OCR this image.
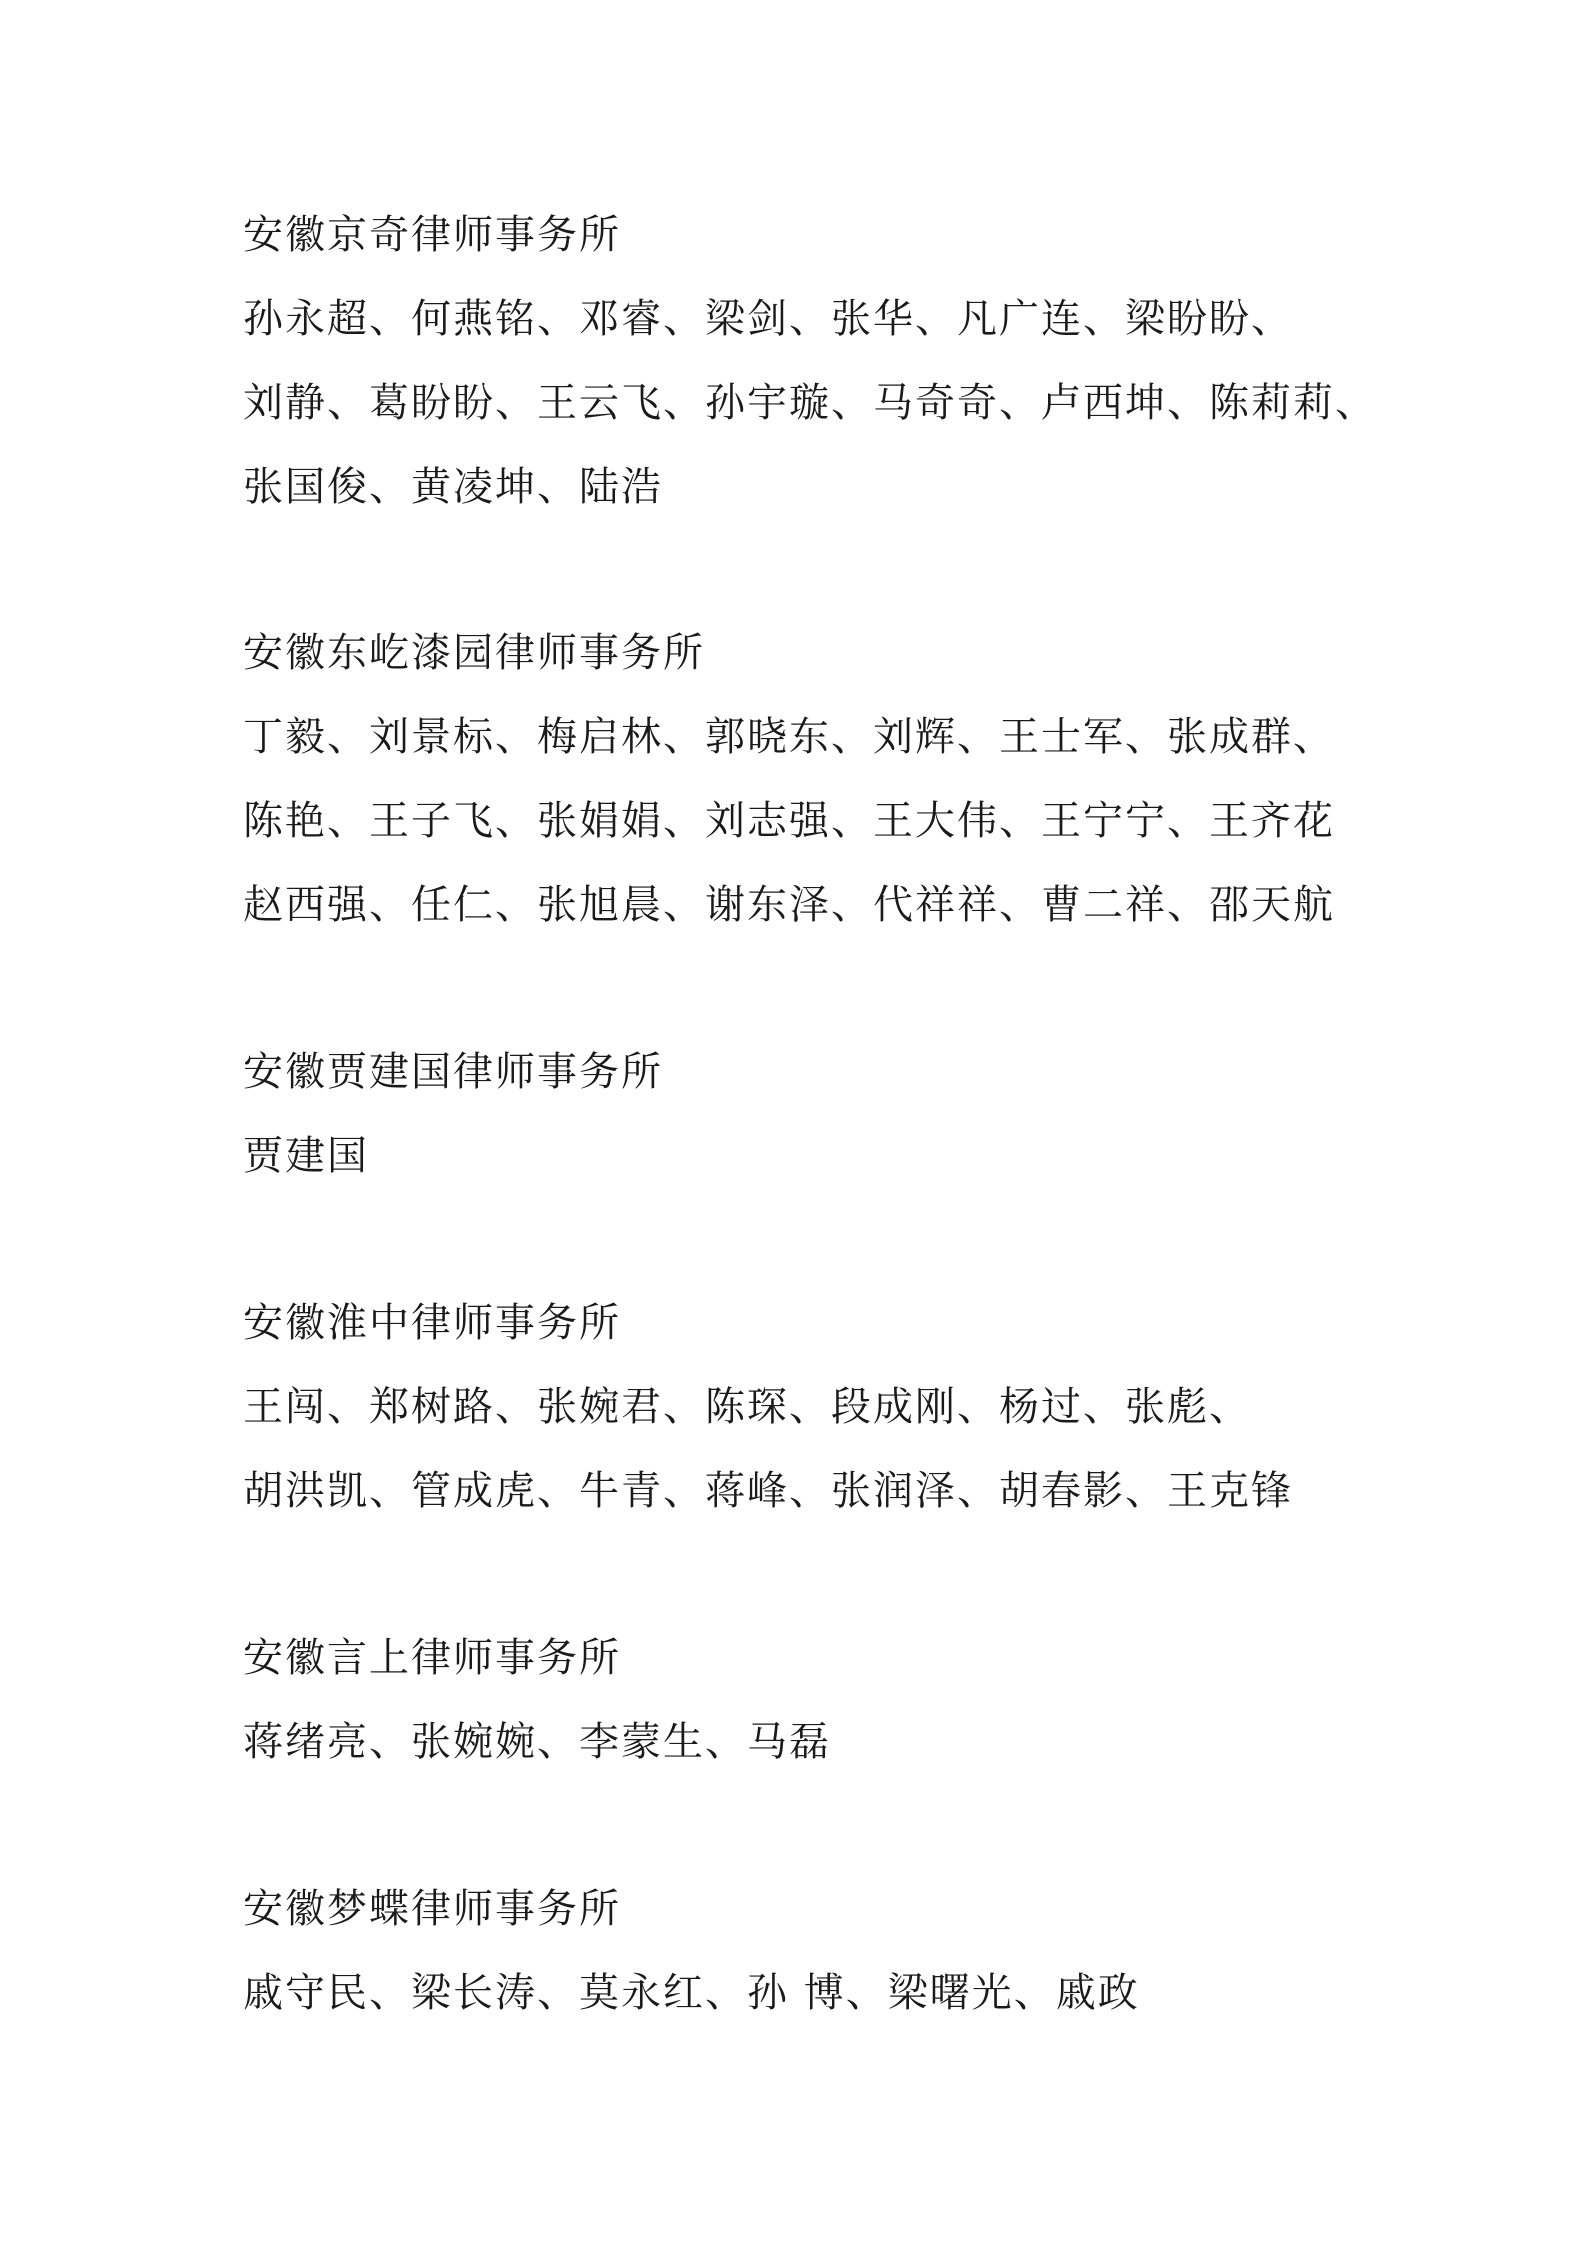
安徽京奇律师事务所
孙永超、何燕铭、邓睿、梁剑、张华、凡广连、梁盼盼、
刘静、葛盼盼、王云飞、孙宇璇、马奇奇、卢西坤、陈莉莉、
张国俊、黄凌坤、陆浩
安徽东屹漆园律师事务所
丁毅、刘景标、梅启林、郭晓东、刘辉、王士军、张成群、
陈艳、王子飞、张娟娟、刘志强、王大伟、王宁宁、王齐花
赵西强、任仁、张旭晨、谢东泽、代祥祥、曹二祥、邵天航
安徽贾建国律师事务所
贾建国
安徽淮中律师事务所
王闯、郑树路、张婉君、陈琛、段成刚、杨过、张彪、
胡洪凯、管成虎、牛青、蒋峰、张润泽、胡春影、王克锋
安徽言上律师事务所
蒋绪亮、张婉婉、李蒙生、马磊
安徽梦蝶律师事务所
戚守民、梁长涛、莫永红、孙 博、梁曙光、戚政
